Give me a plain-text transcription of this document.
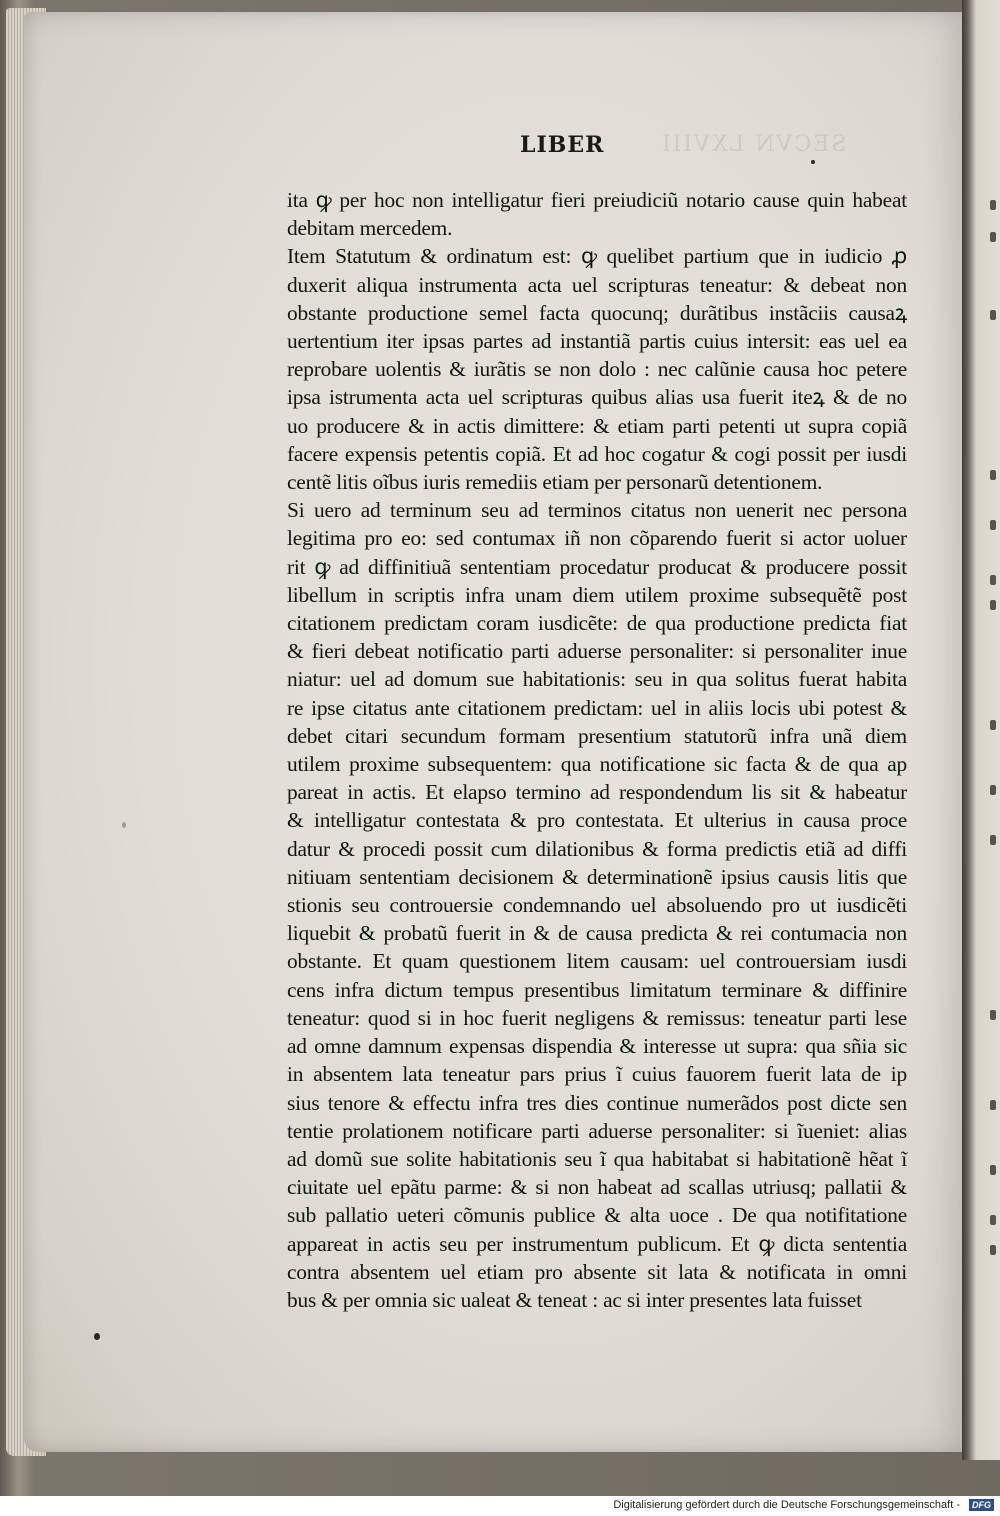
SECVN LXVIII
LIBER
ita ꝙ per hoc non intelligatur fieri preiudiciũ notario cause quin habeat
debitam mercedem.
Item Statutum & ordinatum est: ꝙ quelibet partium que in iudicio ꝓ
duxerit aliqua instrumenta acta uel scripturas teneatur: & debeat non
obstante productione semel facta quocunq; durãtibus instãciis causaꝝ
uertentium iter ipsas partes ad instantiã partis cuius intersit: eas uel ea
reprobare uolentis & iurãtis se non dolo : nec calũnie causa hoc petere
ipsa istrumenta acta uel scripturas quibus alias usa fuerit iteꝝ & de no
uo producere & in actis dimittere: & etiam parti petenti ut supra copiã
facere expensis petentis copiã. Et ad hoc cogatur & cogi possit per iusdi
centẽ litis oĩbus iuris remediis etiam per personarũ detentionem.
Si uero ad terminum seu ad terminos citatus non uenerit nec persona
legitima pro eo: sed contumax iñ non cõparendo fuerit si actor uoluer
rit ꝙ ad diffinitiuã sententiam procedatur producat & producere possit
libellum in scriptis infra unam diem utilem proxime subsequẽtẽ post
citationem predictam coram iusdicẽte: de qua productione predicta fiat
& fieri debeat notificatio parti aduerse personaliter: si personaliter inue
niatur: uel ad domum sue habitationis: seu in qua solitus fuerat habita
re ipse citatus ante citationem predictam: uel in aliis locis ubi potest &
debet citari secundum formam presentium statutorũ infra unã diem
utilem proxime subsequentem: qua notificatione sic facta & de qua ap
pareat in actis. Et elapso termino ad respondendum lis sit & habeatur
& intelligatur contestata & pro contestata. Et ulterius in causa proce
datur & procedi possit cum dilationibus & forma predictis etiã ad diffi
nitiuam sententiam decisionem & determinationẽ ipsius causis litis que
stionis seu controuersie condemnando uel absoluendo pro ut iusdicẽti
liquebit & probatũ fuerit in & de causa predicta & rei contumacia non
obstante. Et quam questionem litem causam: uel controuersiam iusdi
cens infra dictum tempus presentibus limitatum terminare & diffinire
teneatur: quod si in hoc fuerit negligens & remissus: teneatur parti lese
ad omne damnum expensas dispendia & interesse ut supra: qua sñia sic
in absentem lata teneatur pars prius ĩ cuius fauorem fuerit lata de ip
sius tenore & effectu infra tres dies continue numerãdos post dicte sen
tentie prolationem notificare parti aduerse personaliter: si ĩueniet: alias
ad domũ sue solite habitationis seu ĩ qua habitabat si habitationẽ hẽat ĩ
ciuitate uel epãtu parme: & si non habeat ad scallas utriusq; pallatii &
sub pallatio ueteri cõmunis publice & alta uoce . De qua notifitatione
appareat in actis seu per instrumentum publicum. Et ꝙ dicta sententia
contra absentem uel etiam pro absente sit lata & notificata in omni
bus & per omnia sic ualeat & teneat : ac si inter presentes lata fuisset
Digitalisierung gefördert durch die Deutsche Forschungsgemeinschaft -	DFG
